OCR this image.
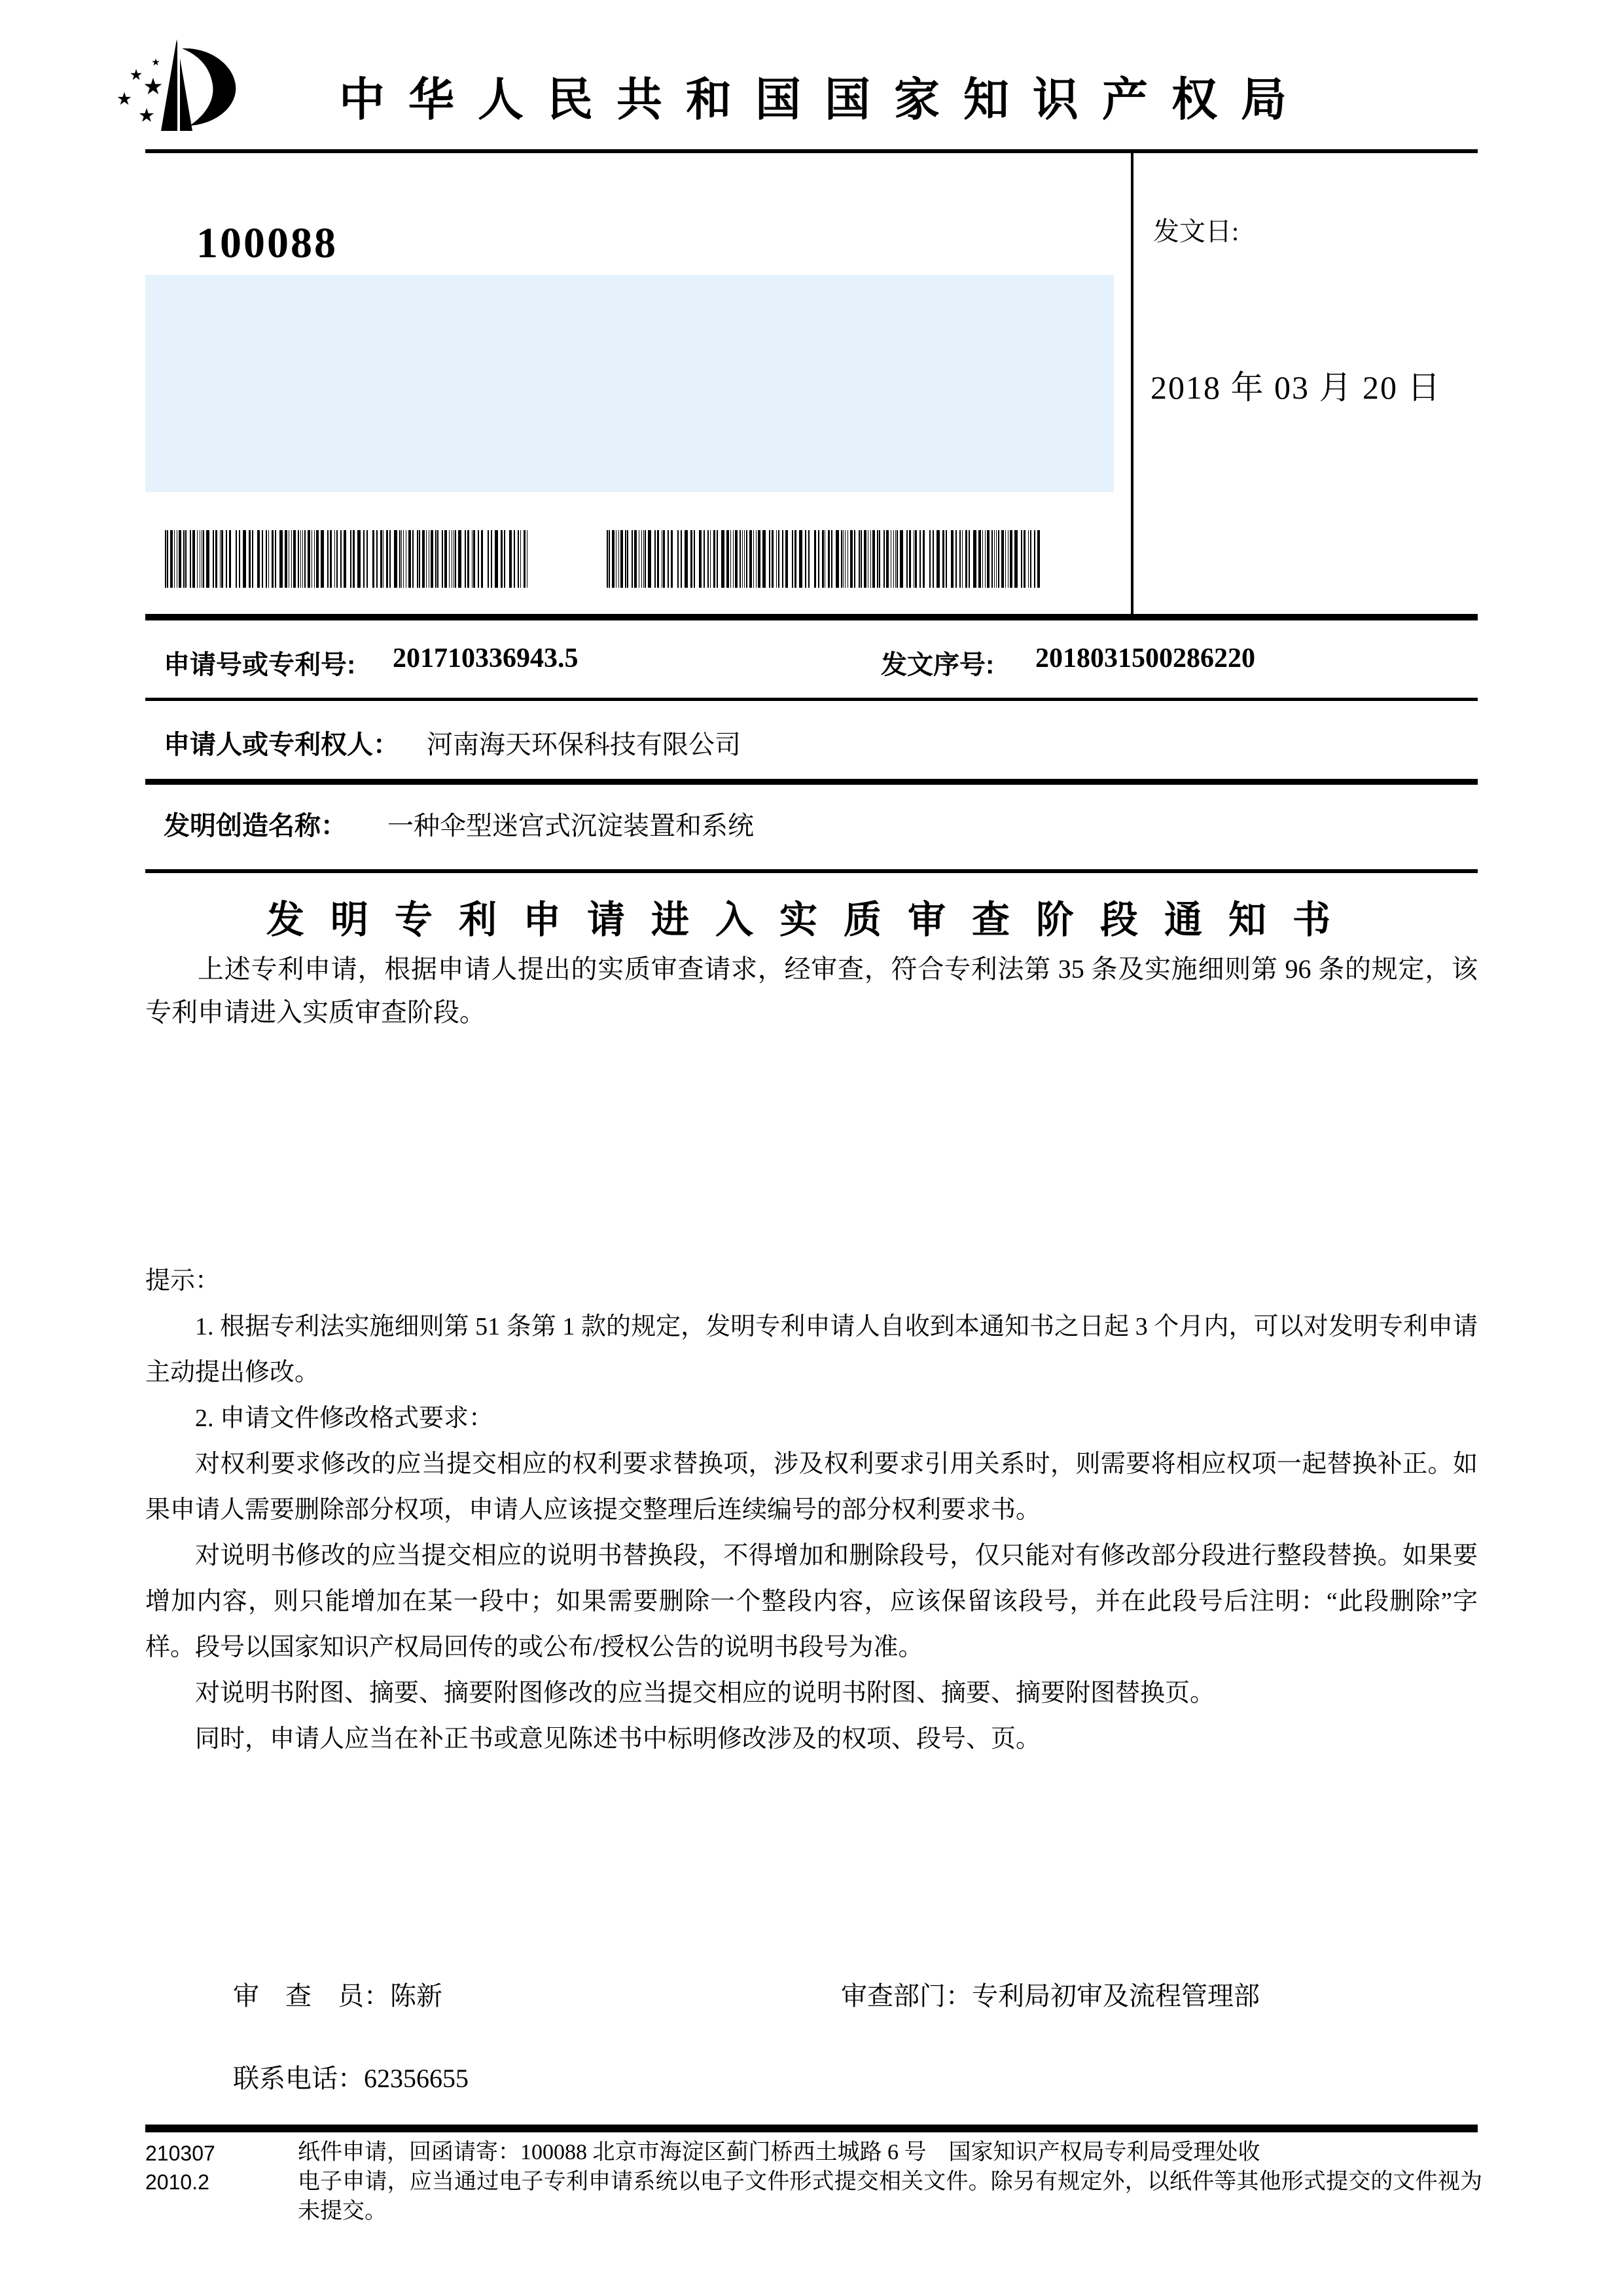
★
★ ★
★
★	中华人民共和国国家知识产权局
100088	发文日:
2018 年 03 月 20 日
申请号或专利号: 201710336943.5	发文序号: 2018031500286220
申请人或专利权人： 河南海天环保科技有限公司
发明创造名称： 一种伞型迷宫式沉淀装置和系统
发明专利申请进入实质审查阶段通知书
上述专利申请，根据申请人提出的实质审查请求，经审查，符合专利法第 35 条及实施细则第 96 条的规定，该专利申请进入实质审查阶段。

提示：

1. 根据专利法实施细则第 51 条第 1 款的规定，发明专利申请人自收到本通知书之日起 3 个月内，可以对发明专利申请主动提出修改。

2. 申请文件修改格式要求：

对权利要求修改的应当提交相应的权利要求替换项，涉及权利要求引用关系时，则需要将相应权项一起替换补正。如果申请人需要删除部分权项，申请人应该提交整理后连续编号的部分权利要求书。

对说明书修改的应当提交相应的说明书替换段，不得增加和删除段号，仅只能对有修改部分段进行整段替换。如果要增加内容，则只能增加在某一段中；如果需要删除一个整段内容，应该保留该段号，并在此段号后注明：“此段删除”字样。段号以国家知识产权局回传的或公布/授权公告的说明书段号为准。

对说明书附图、摘要、摘要附图修改的应当提交相应的说明书附图、摘要、摘要附图替换页。

同时，申请人应当在补正书或意见陈述书中标明修改涉及的权项、段号、页。

审　查　员：陈新	审查部门：专利局初审及流程管理部
联系电话：62356655
210307
2010.2

纸件申请，回函请寄：100088 北京市海淀区蓟门桥西土城路 6 号　国家知识产权局专利局受理处收

电子申请，应当通过电子专利申请系统以电子文件形式提交相关文件。除另有规定外，以纸件等其他形式提交的文件视为未提交。
